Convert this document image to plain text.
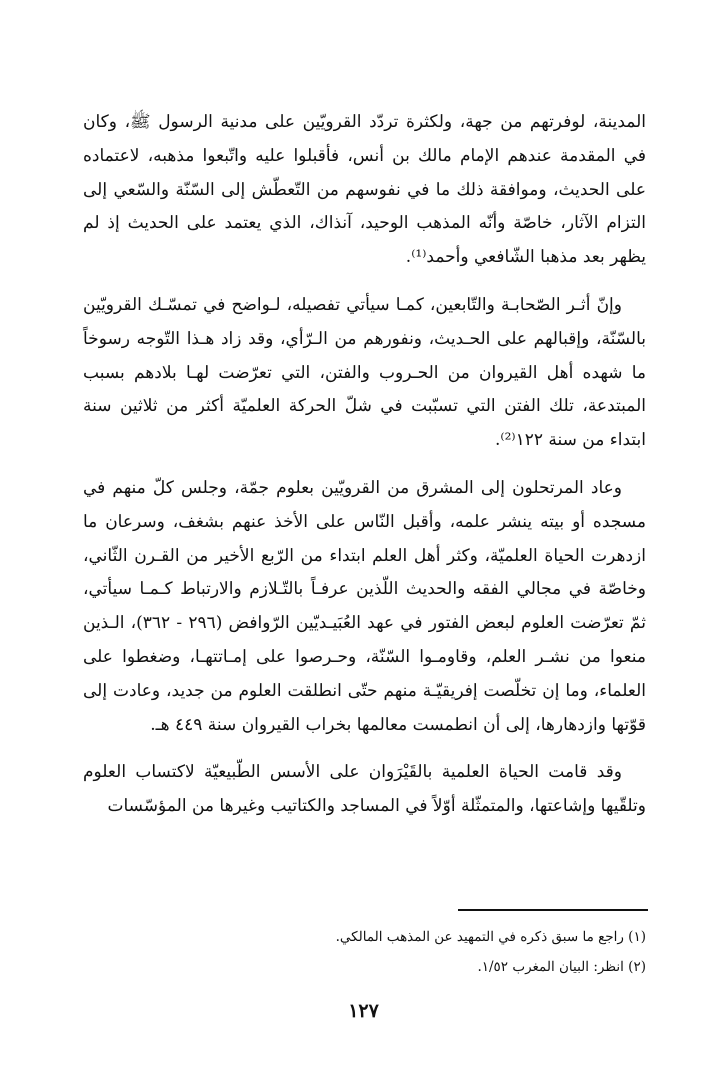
المدينة، لوفرتهم من جهة، ولكثرة تردّد القرويّين على مدنية الرسول ﷺ، وكان في المقدمة عندهم الإمام مالك بن أنس، فأقبلوا عليه واتّبعوا مذهبه، لاعتماده على الحديث، وموافقة ذلك ما في نفوسهم من التّعطّش إلى السّنّة والسّعي إلى التزام الآثار، خاصّة وأنّه المذهب الوحيد، آنذاك، الذي يعتمد على الحديث إذ لم يظهر بعد مذهبا الشّافعي وأحمد⁽¹⁾.

وإنّ أثـر الصّحابـة والتّابعين، كمـا سيأتي تفصيله، لـواضح في تمسّـك القرويّين بالسّنّة، وإقبالهم على الحـديث، ونفورهم من الـرّأي، وقد زاد هـذا التّوجه رسوخاً ما شهده أهل القيروان من الحـروب والفتن، التي تعرّضت لهـا بلادهم بسبب المبتدعة، تلك الفتن التي تسبّبت في شلّ الحركة العلميّة أكثر من ثلاثين سنة ابتداء من سنة ١٢٢⁽²⁾.

وعاد المرتحلون إلى المشرق من القرويّين بعلوم جمّة، وجلس كلّ منهم في مسجده أو بيته ينشر علمه، وأقبل النّاس على الأخذ عنهم بشغف، وسرعان ما ازدهرت الحياة العلميّة، وكثر أهل العلم ابتداء من الرّبع الأخير من القـرن الثّاني، وخاصّة في مجالي الفقه والحديث اللّذين عرفـاً بالتّـلازم والارتباط كـمـا سيأتي، ثمّ تعرّضت العلوم لبعض الفتور في عهد العُبَيـديّين الرّوافض (٢٩٦ - ٣٦٢)، الـذين منعوا من نشـر العلم، وقاومـوا السّنّة، وحـرصوا على إمـاتتهـا، وضغطوا على العلماء، وما إن تخلّصت إفريقيّـة منهم حتّى انطلقت العلوم من جديد، وعادت إلى قوّتها وازدهارها، إلى أن انطمست معالمها بخراب القيروان سنة ٤٤٩ هـ.

وقد قامت الحياة العلمية بالقَيْرَوان على الأسس الطّبيعيّة لاكتساب العلوم وتلقّيها وإشاعتها، والمتمثّلة أوّلاً في المساجد والكتاتيب وغيرها من المؤسّسات

(١) راجع ما سبق ذكره في التمهيد عن المذهب المالكي.

(٢) انظر: البيان المغرب ١/٥٢.

١٢٧
